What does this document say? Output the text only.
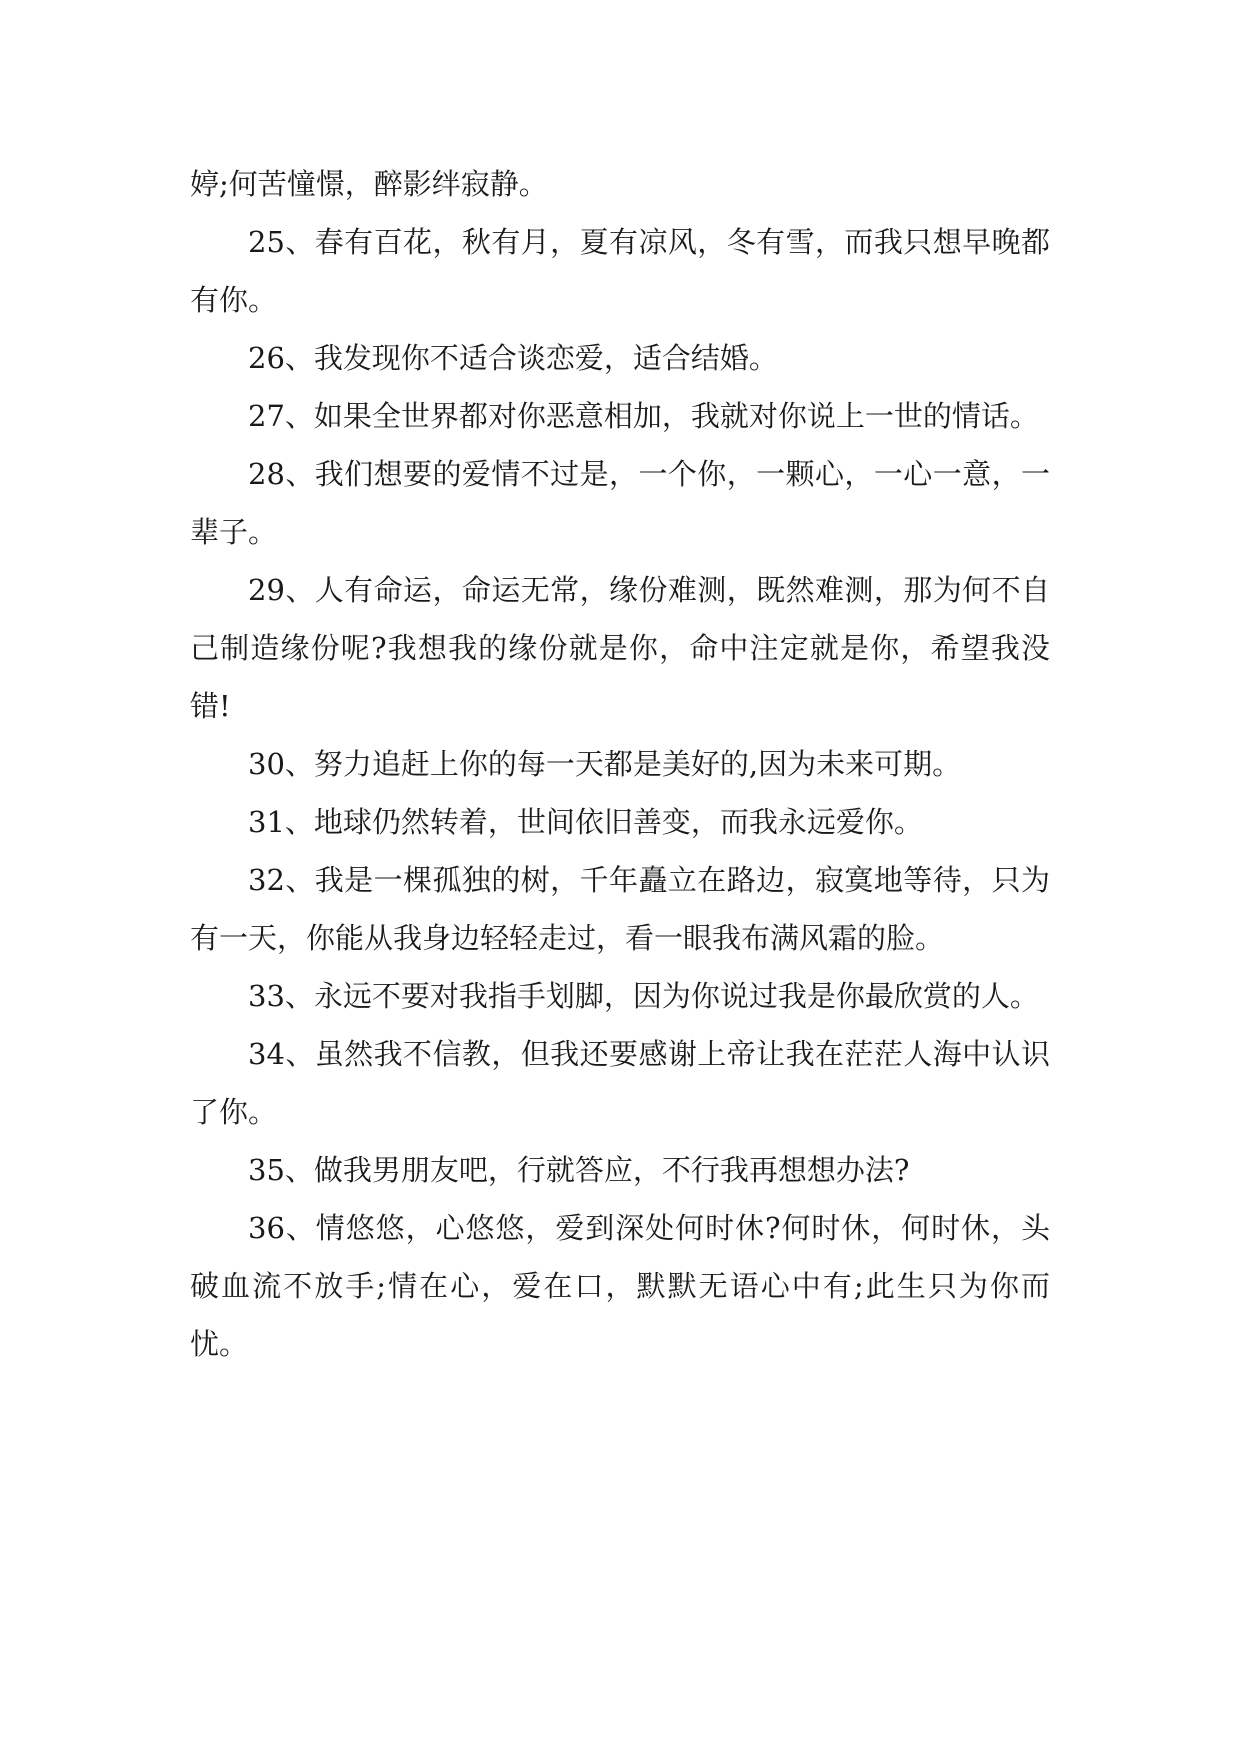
婷;何苦憧憬，醉影绊寂静。

25、春有百花，秋有月，夏有凉风，冬有雪，而我只想早晚都有你。

26、我发现你不适合谈恋爱，适合结婚。

27、如果全世界都对你恶意相加，我就对你说上一世的情话。

28、我们想要的爱情不过是，一个你，一颗心，一心一意，一辈子。

29、人有命运，命运无常，缘份难测，既然难测，那为何不自己制造缘份呢?我想我的缘份就是你，命中注定就是你，希望我没错!

30、努力追赶上你的每一天都是美好的,因为未来可期。

31、地球仍然转着，世间依旧善变，而我永远爱你。

32、我是一棵孤独的树，千年矗立在路边，寂寞地等待，只为有一天，你能从我身边轻轻走过，看一眼我布满风霜的脸。

33、永远不要对我指手划脚，因为你说过我是你最欣赏的人。

34、虽然我不信教，但我还要感谢上帝让我在茫茫人海中认识了你。

35、做我男朋友吧，行就答应，不行我再想想办法?

36、情悠悠，心悠悠，爱到深处何时休?何时休，何时休，头破血流不放手;情在心，爱在口，默默无语心中有;此生只为你而忧。
